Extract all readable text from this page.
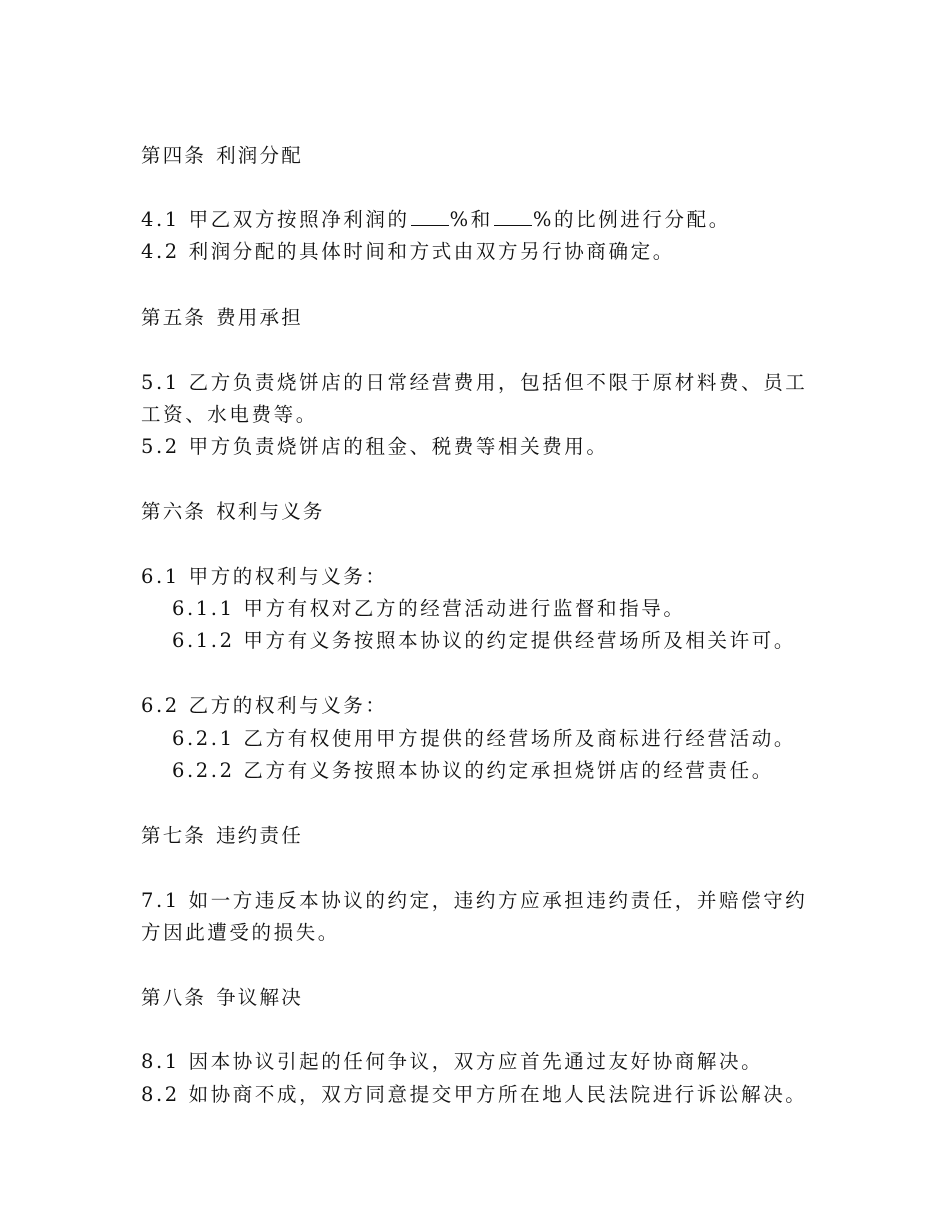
第四条 利润分配
4.1 甲乙双方按照净利润的 %和 %的比例进行分配。
4.2 利润分配的具体时间和方式由双方另行协商确定。
第五条 费用承担
5.1 乙方负责烧饼店的日常经营费用，包括但不限于原材料费、员工
工资、水电费等。
5.2 甲方负责烧饼店的租金、税费等相关费用。
第六条 权利与义务
6.1 甲方的权利与义务：
6.1.1 甲方有权对乙方的经营活动进行监督和指导。
6.1.2 甲方有义务按照本协议的约定提供经营场所及相关许可。
6.2 乙方的权利与义务：
6.2.1 乙方有权使用甲方提供的经营场所及商标进行经营活动。
6.2.2 乙方有义务按照本协议的约定承担烧饼店的经营责任。
第七条 违约责任
7.1 如一方违反本协议的约定，违约方应承担违约责任，并赔偿守约
方因此遭受的损失。
第八条 争议解决
8.1 因本协议引起的任何争议，双方应首先通过友好协商解决。
8.2 如协商不成，双方同意提交甲方所在地人民法院进行诉讼解决。
